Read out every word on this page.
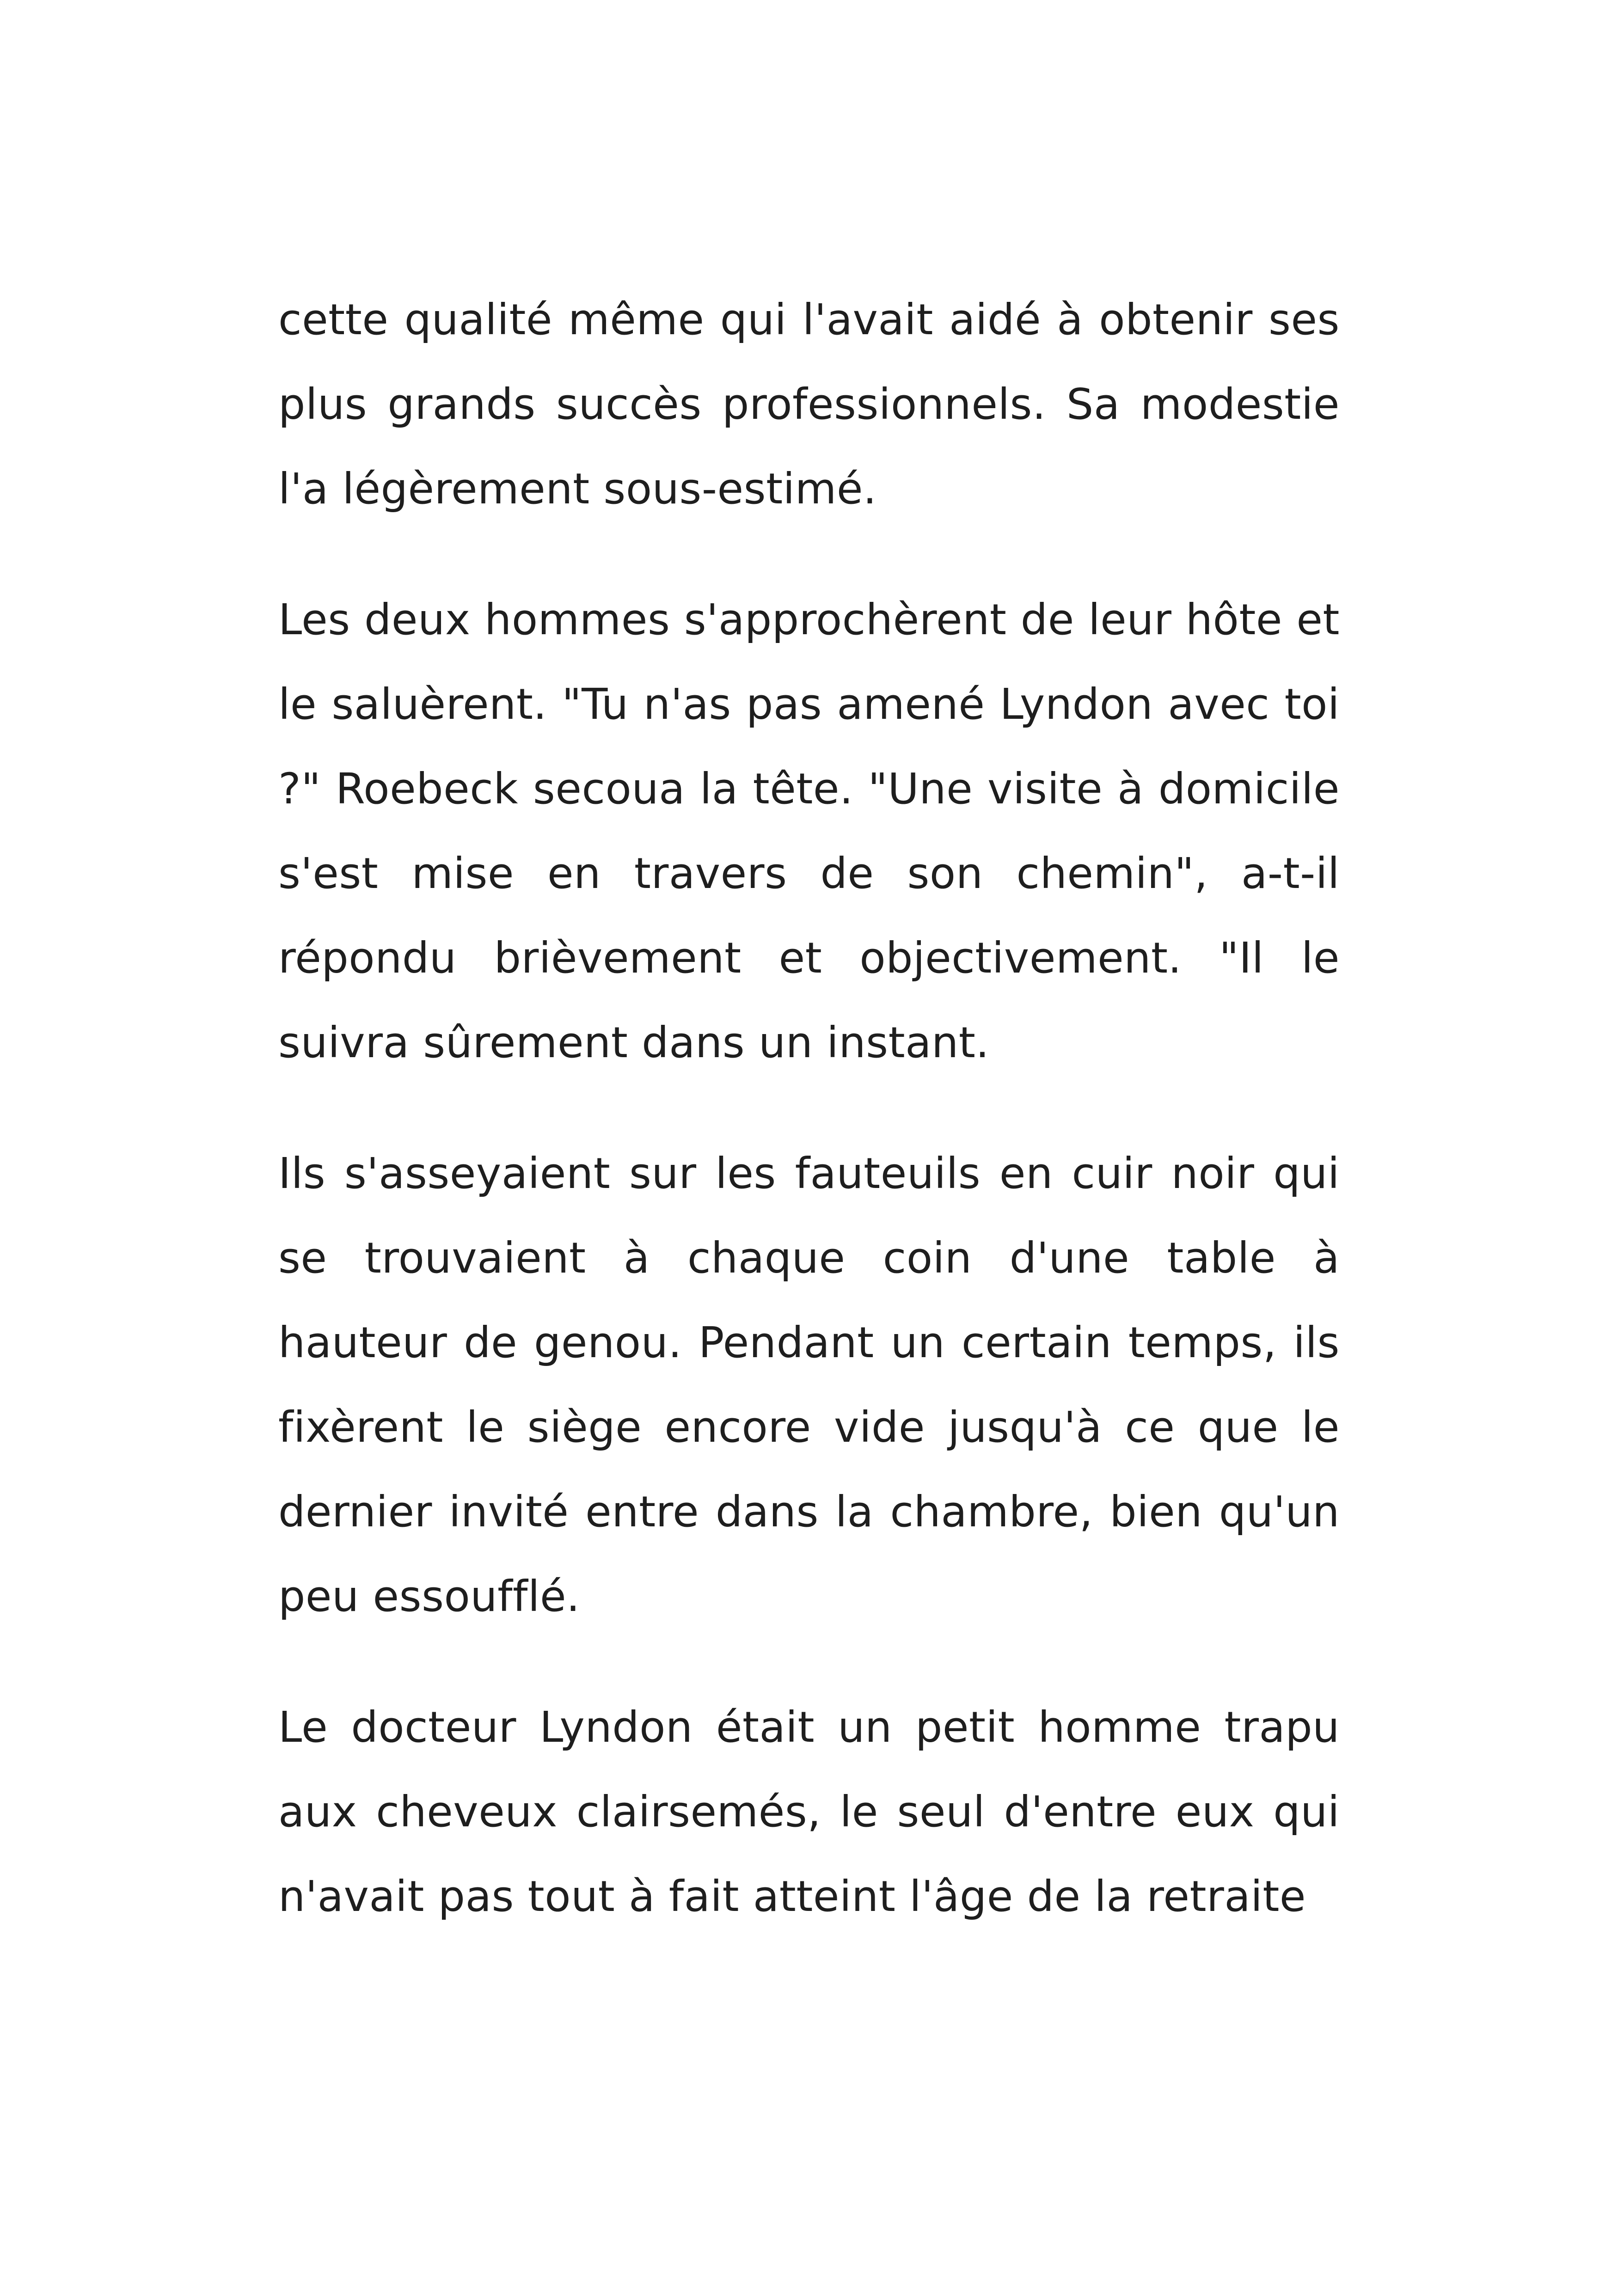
cette qualité même qui l'avait aidé à obtenir ses plus grands succès professionnels. Sa modestie l'a légèrement sous-estimé.

Les deux hommes s'approchèrent de leur hôte et le saluèrent. "Tu n'as pas amené Lyndon avec toi ?" Roebeck secoua la tête. "Une visite à domicile s'est mise en travers de son chemin", a-t-il répondu brièvement et objectivement. "Il le suivra sûrement dans un instant.

Ils s'asseyaient sur les fauteuils en cuir noir qui se trouvaient à chaque coin d'une table à hauteur de genou. Pendant un certain temps, ils fixèrent le siège encore vide jusqu'à ce que le dernier invité entre dans la chambre, bien qu'un peu essoufflé.

Le docteur Lyndon était un petit homme trapu aux cheveux clairsemés, le seul d'entre eux qui n'avait pas tout à fait atteint l'âge de la retraite
